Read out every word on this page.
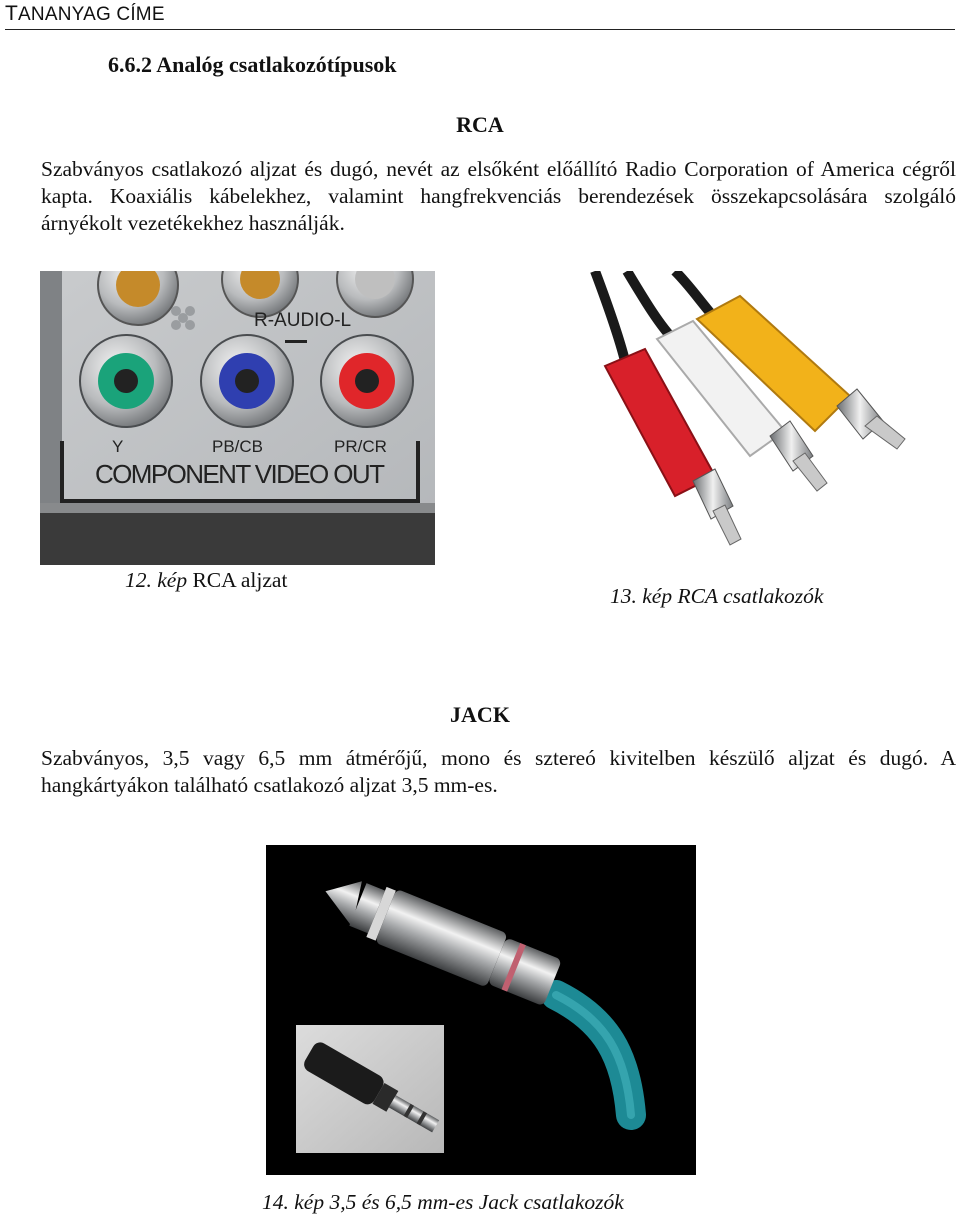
TANANYAG CÍME
6.6.2 Analóg csatlakozótípusok
RCA
Szabványos csatlakozó aljzat és dugó, nevét az elsőként előállító Radio Corporation of America cégről kapta. Koaxiális kábelekhez, valamint hangfrekvenciás berendezések összekapcsolására szolgáló árnyékolt vezetékekhez használják.
R-AUDIO-L
Y	PB/CB	PR/CR
COMPONENT VIDEO OUT
12. kép RCA aljzat
13. kép RCA csatlakozók
JACK
Szabványos, 3,5 vagy 6,5 mm átmérőjű, mono és sztereó kivitelben készülő aljzat és dugó. A hangkártyákon található csatlakozó aljzat 3,5 mm-es.
14. kép 3,5 és 6,5 mm-es Jack csatlakozók
